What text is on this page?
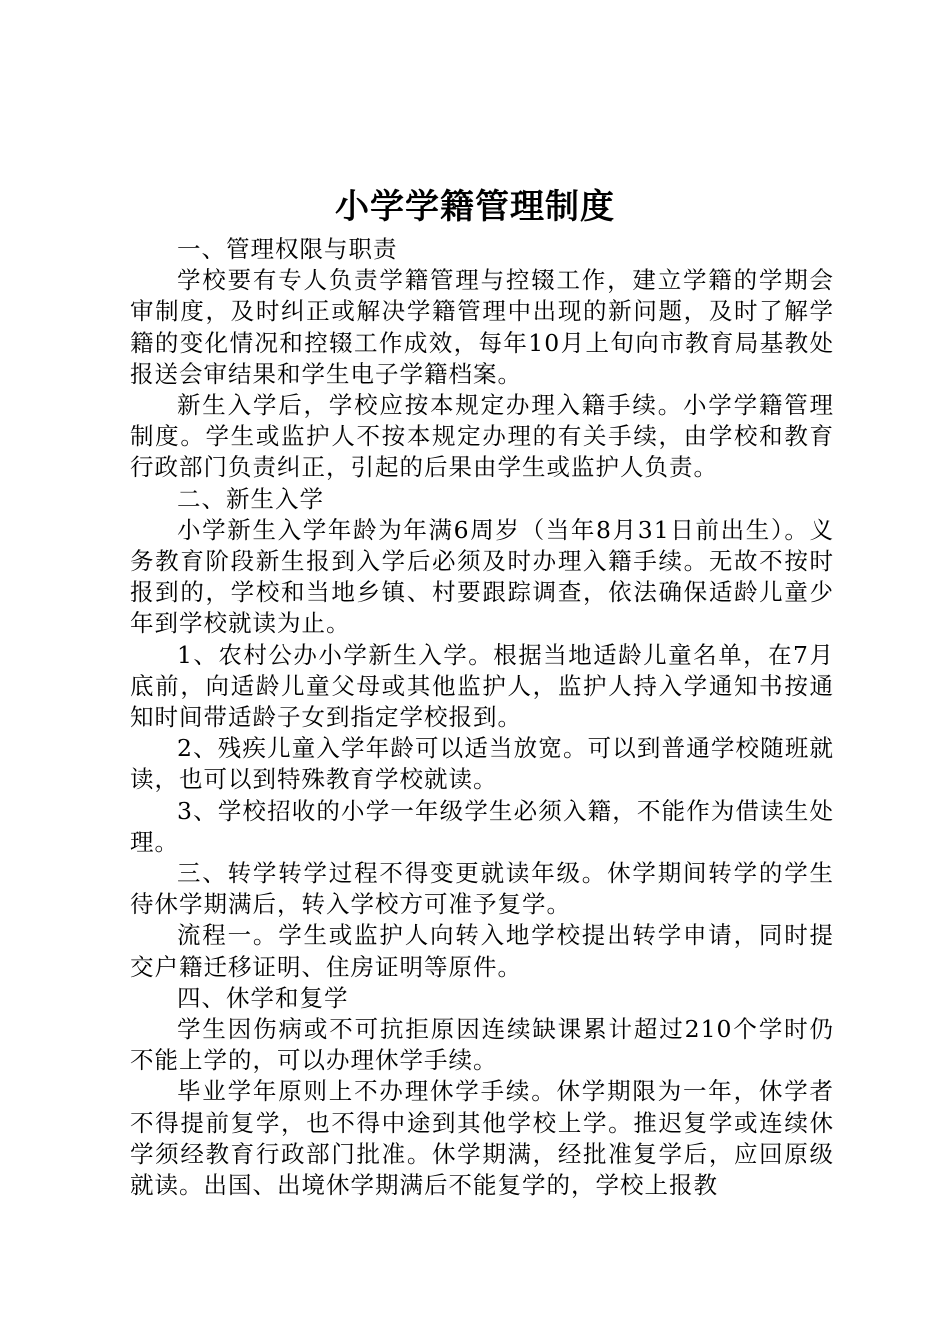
小学学籍管理制度

一、管理权限与职责

学校要有专人负责学籍管理与控辍工作，建立学籍的学期会审制度，及时纠正或解决学籍管理中出现的新问题，及时了解学籍的变化情况和控辍工作成效，每年10月上旬向市教育局基教处报送会审结果和学生电子学籍档案。

新生入学后，学校应按本规定办理入籍手续。小学学籍管理制度。学生或监护人不按本规定办理的有关手续，由学校和教育行政部门负责纠正，引起的后果由学生或监护人负责。

二、新生入学

小学新生入学年龄为年满6周岁（当年8月31日前出生）。义务教育阶段新生报到入学后必须及时办理入籍手续。无故不按时报到的，学校和当地乡镇、村要跟踪调查，依法确保适龄儿童少年到学校就读为止。

1、农村公办小学新生入学。根据当地适龄儿童名单，在7月底前，向适龄儿童父母或其他监护人，监护人持入学通知书按通知时间带适龄子女到指定学校报到。

2、残疾儿童入学年龄可以适当放宽。可以到普通学校随班就读，也可以到特殊教育学校就读。

3、学校招收的小学一年级学生必须入籍，不能作为借读生处理。

三、转学转学过程不得变更就读年级。休学期间转学的学生待休学期满后，转入学校方可准予复学。

流程一。学生或监护人向转入地学校提出转学申请，同时提交户籍迁移证明、住房证明等原件。

四、休学和复学

学生因伤病或不可抗拒原因连续缺课累计超过210个学时仍不能上学的，可以办理休学手续。

毕业学年原则上不办理休学手续。休学期限为一年，休学者不得提前复学，也不得中途到其他学校上学。推迟复学或连续休学须经教育行政部门批准。休学期满，经批准复学后，应回原级就读。出国、出境休学期满后不能复学的，学校上报教
